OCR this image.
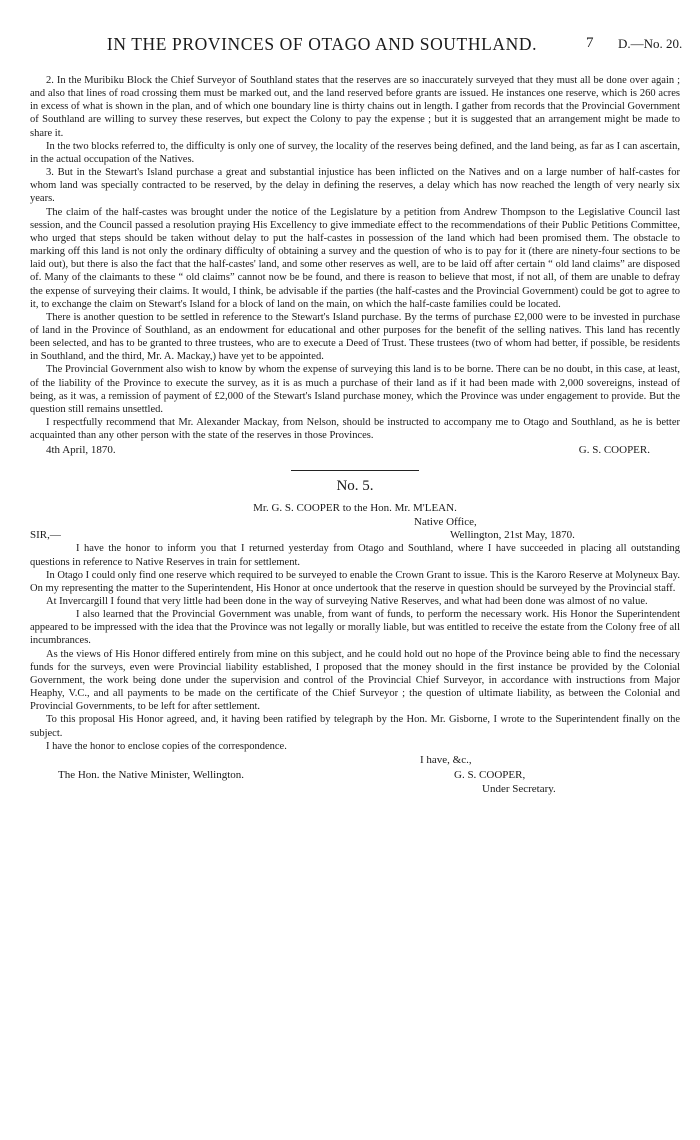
IN THE PROVINCES OF OTAGO AND SOUTHLAND.	7 D.—No. 20.

2. In the Muribiku Block the Chief Surveyor of Southland states that the reserves are so inaccurately surveyed that they must all be done over again ; and also that lines of road crossing them must be marked out, and the land reserved before grants are issued. He instances one reserve, which is 260 acres in excess of what is shown in the plan, and of which one boundary line is thirty chains out in length. I gather from records that the Provincial Government of Southland are willing to survey these reserves, but expect the Colony to pay the expense ; but it is suggested that an arrangement might be made to share it.

In the two blocks referred to, the difficulty is only one of survey, the locality of the reserves being defined, and the land being, as far as I can ascertain, in the actual occupation of the Natives.

3. But in the Stewart's Island purchase a great and substantial injustice has been inflicted on the Natives and on a large number of half-castes for whom land was specially contracted to be reserved, by the delay in defining the reserves, a delay which has now reached the length of very nearly six years.

The claim of the half-castes was brought under the notice of the Legislature by a petition from Andrew Thompson to the Legislative Council last session, and the Council passed a resolution praying His Excellency to give immediate effect to the recommendations of their Public Petitions Committee, who urged that steps should be taken without delay to put the half-castes in possession of the land which had been promised them. The obstacle to marking off this land is not only the ordinary difficulty of obtaining a survey and the question of who is to pay for it (there are ninety-four sections to be laid out), but there is also the fact that the half-castes' land, and some other reserves as well, are to be laid off after certain “ old land claims” are disposed of. Many of the claimants to these “ old claims” cannot now be be found, and there is reason to believe that most, if not all, of them are unable to defray the expense of surveying their claims. It would, I think, be advisable if the parties (the half-castes and the Provincial Government) could be got to agree to it, to exchange the claim on Stewart's Island for a block of land on the main, on which the half-caste families could be located.

There is another question to be settled in reference to the Stewart's Island purchase. By the terms of purchase £2,000 were to be invested in purchase of land in the Province of Southland, as an endowment for educational and other purposes for the benefit of the selling natives. This land has recently been selected, and has to be granted to three trustees, who are to execute a Deed of Trust. These trustees (two of whom had better, if possible, be residents in Southland, and the third, Mr. A. Mackay,) have yet to be appointed.

The Provincial Government also wish to know by whom the expense of surveying this land is to be borne. There can be no doubt, in this case, at least, of the liability of the Province to execute the survey, as it is as much a purchase of their land as if it had been made with 2,000 sovereigns, instead of being, as it was, a remission of payment of £2,000 of the Stewart's Island purchase money, which the Province was under engagement to provide. But the question still remains unsettled.

I respectfully recommend that Mr. Alexander Mackay, from Nelson, should be instructed to accompany me to Otago and Southland, as he is better acquainted than any other person with the state of the reserves in those Provinces.

4th April, 1870.	G. S. COOPER.
No. 5.
Mr. G. S. COOPER to the Hon. Mr. M'LEAN.
Native Office,
SIR,—	Wellington, 21st May, 1870.

I have the honor to inform you that I returned yesterday from Otago and Southland, where I have succeeded in placing all outstanding questions in reference to Native Reserves in train for settlement.

In Otago I could only find one reserve which required to be surveyed to enable the Crown Grant to issue. This is the Karoro Reserve at Molyneux Bay. On my representing the matter to the Superintendent, His Honor at once undertook that the reserve in question should be surveyed by the Provincial staff.

At Invercargill I found that very little had been done in the way of surveying Native Reserves, and what had been done was almost of no value.

I also learned that the Provincial Government was unable, from want of funds, to perform the necessary work. His Honor the Superintendent appeared to be impressed with the idea that the Province was not legally or morally liable, but was entitled to receive the estate from the Colony free of all incumbrances.

As the views of His Honor differed entirely from mine on this subject, and he could hold out no hope of the Province being able to find the necessary funds for the surveys, even were Provincial liability established, I proposed that the money should in the first instance be provided by the Colonial Government, the work being done under the supervision and control of the Provincial Chief Surveyor, in accordance with instructions from Major Heaphy, V.C., and all payments to be made on the certificate of the Chief Surveyor ; the question of ultimate liability, as between the Colonial and Provincial Governments, to be left for after settlement.

To this proposal His Honor agreed, and, it having been ratified by telegraph by the Hon. Mr. Gisborne, I wrote to the Superintendent finally on the subject.

I have the honor to enclose copies of the correspondence.

I have, &c.,
The Hon. the Native Minister, Wellington.	G. S. COOPER,
Under Secretary.
